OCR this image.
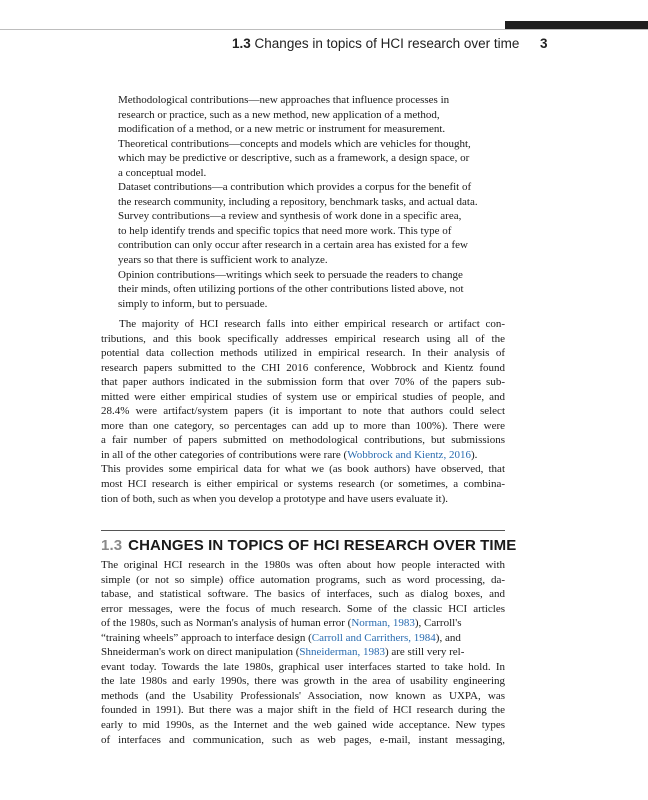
1.3 Changes in topics of HCI research over time 3

Methodological contributions—new approaches that influence processes in
research or practice, such as a new method, new application of a method,
modification of a method, or a new metric or instrument for measurement.

Theoretical contributions—concepts and models which are vehicles for thought,
which may be predictive or descriptive, such as a framework, a design space, or
a conceptual model.

Dataset contributions—a contribution which provides a corpus for the benefit of
the research community, including a repository, benchmark tasks, and actual data.

Survey contributions—a review and synthesis of work done in a specific area,
to help identify trends and specific topics that need more work. This type of
contribution can only occur after research in a certain area has existed for a few
years so that there is sufficient work to analyze.

Opinion contributions—writings which seek to persuade the readers to change
their minds, often utilizing portions of the other contributions listed above, not
simply to inform, but to persuade.

The majority of HCI research falls into either empirical research or artifact con-
tributions, and this book specifically addresses empirical research using all of the
potential data collection methods utilized in empirical research. In their analysis of
research papers submitted to the CHI 2016 conference, Wobbrock and Kientz found
that paper authors indicated in the submission form that over 70% of the papers sub-
mitted were either empirical studies of system use or empirical studies of people, and
28.4% were artifact/system papers (it is important to note that authors could select
more than one category, so percentages can add up to more than 100%). There were
a fair number of papers submitted on methodological contributions, but submissions
in all of the other categories of contributions were rare (Wobbrock and Kientz, 2016).
This provides some empirical data for what we (as book authors) have observed, that
most HCI research is either empirical or systems research (or sometimes, a combina-
tion of both, such as when you develop a prototype and have users evaluate it).
1.3 CHANGES IN TOPICS OF HCI RESEARCH OVER TIME
The original HCI research in the 1980s was often about how people interacted with
simple (or not so simple) office automation programs, such as word processing, da-
tabase, and statistical software. The basics of interfaces, such as dialog boxes, and
error messages, were the focus of much research. Some of the classic HCI articles
of the 1980s, such as Norman's analysis of human error (Norman, 1983), Carroll's
“training wheels” approach to interface design (Carroll and Carrithers, 1984), and
Shneiderman's work on direct manipulation (Shneiderman, 1983) are still very rel-
evant today. Towards the late 1980s, graphical user interfaces started to take hold. In
the late 1980s and early 1990s, there was growth in the area of usability engineering
methods (and the Usability Professionals' Association, now known as UXPA, was
founded in 1991). But there was a major shift in the field of HCI research during the
early to mid 1990s, as the Internet and the web gained wide acceptance. New types
of interfaces and communication, such as web pages, e-mail, instant messaging,
